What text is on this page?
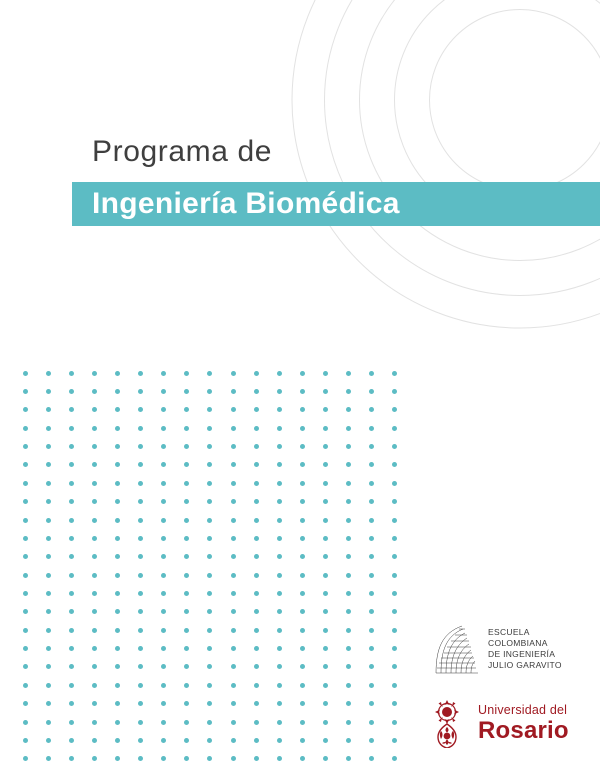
Programa de
Ingeniería Biomédica
ESCUELA
COLOMBIANA
DE INGENIERÍA
JULIO GARAVITO
Universidad del
Rosario
